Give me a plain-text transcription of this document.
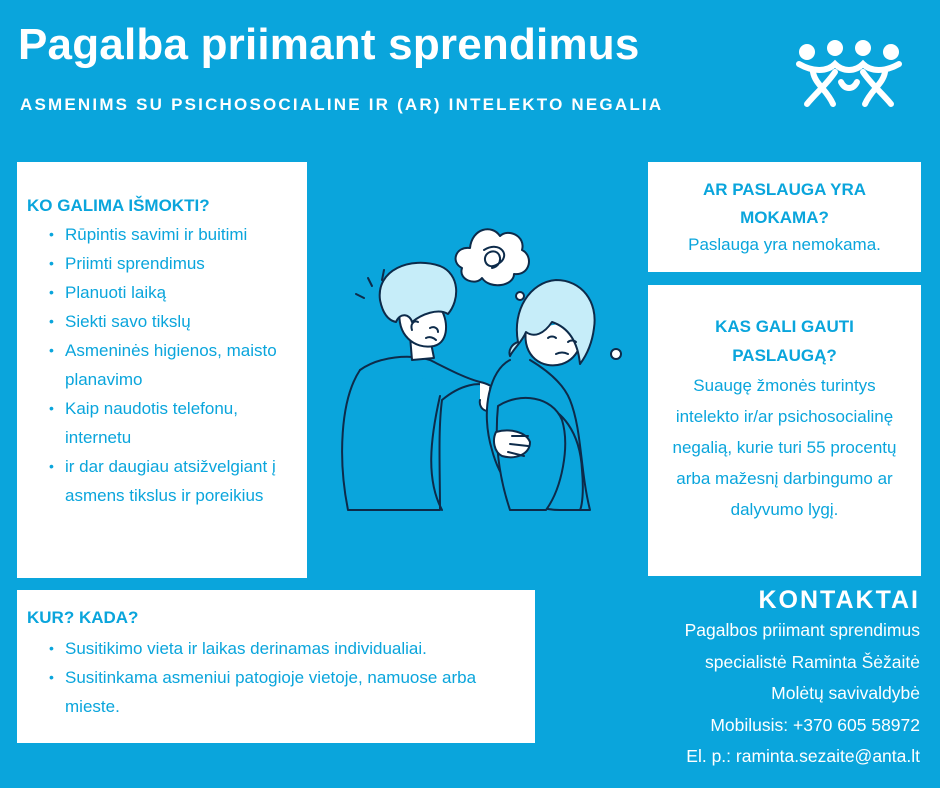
Pagalba priimant sprendimus
ASMENIMS SU PSICHOSOCIALINE IR (AR) INTELEKTO NEGALIA
KO GALIMA IŠMOKTI?
• Rūpintis savimi ir buitimi
• Priimti sprendimus
• Planuoti laiką
• Siekti savo tikslų
• Asmeninės higienos, maisto planavimo
• Kaip naudotis telefonu, internetu
• ir dar daugiau atsižvelgiant į asmens tikslus ir poreikius
KUR? KADA?
• Susitikimo vieta ir laikas derinamas individualiai.
• Susitinkama asmeniui patogioje vietoje, namuose arba mieste.
AR PASLAUGA YRA MOKAMA?

Paslauga yra nemokama.

KAS GALI GAUTI PASLAUGĄ?

Suaugę žmonės turintys intelekto ir/ar psichosocialinę negalią, kurie turi 55 procentų arba mažesnį darbingumo ar dalyvumo lygį.

KONTAKTAI

Pagalbos priimant sprendimus

specialistė Raminta Šėžaitė

Molėtų savivaldybė

Mobilusis: +370 605 58972

El. p.: raminta.sezaite@anta.lt
